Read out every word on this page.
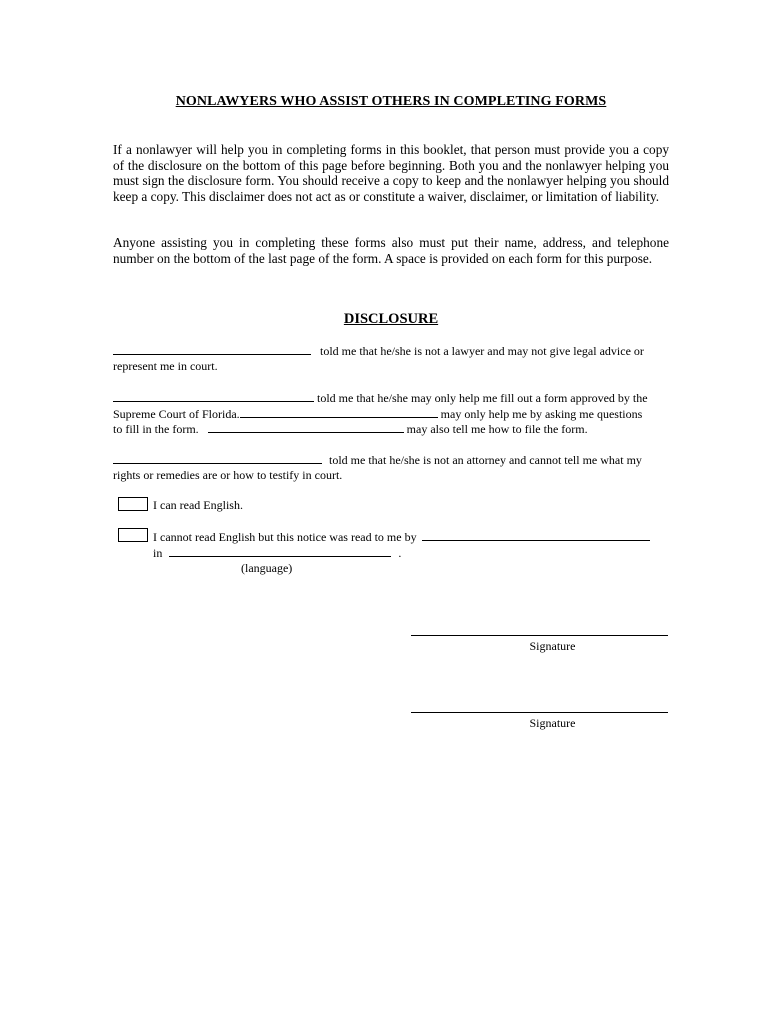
NONLAWYERS WHO ASSIST OTHERS IN COMPLETING FORMS
If a nonlawyer will help you in completing forms in this booklet, that person must provide you a copy of the disclosure on the bottom of this page before beginning. Both you and the nonlawyer helping you must sign the disclosure form. You should receive a copy to keep and the nonlawyer helping you should keep a copy. This disclaimer does not act as or constitute a waiver, disclaimer, or limitation of liability.
Anyone assisting you in completing these forms also must put their name, address, and telephone number on the bottom of the last page of the form. A space is provided on each form for this purpose.
DISCLOSURE
told me that he/she is not a lawyer and may not give legal advice or
represent me in court.
told me that he/she may only help me fill out a form approved by the
Supreme Court of Florida.	may only help me by asking me questions
to fill in the form.	may also tell me how to file the form.
told me that he/she is not an attorney and cannot tell me what my
rights or remedies are or how to testify in court.
I can read English.
I cannot read English but this notice was read to me by
in	.
(language)
Signature
Signature
